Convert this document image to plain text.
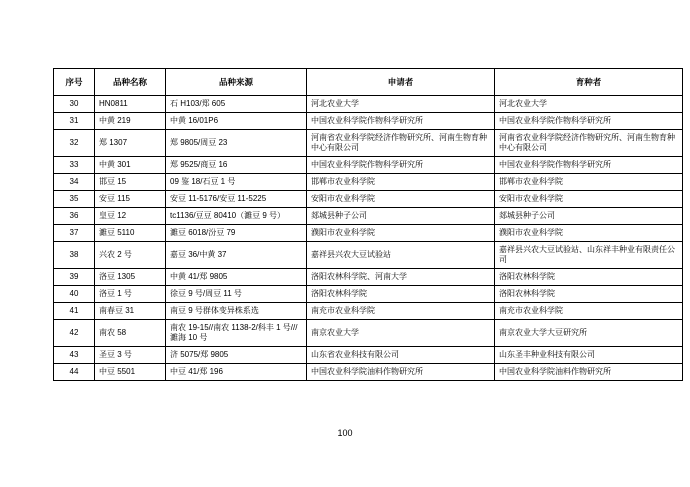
序号	品种名称	品种来源	申请者	育种者
30	HN0811	石 H103/郑 605	河北农业大学	河北农业大学
31	中黄 219	中黄 16/01P6	中国农业科学院作物科学研究所	中国农业科学院作物科学研究所
32	郑 1307	郑 9805/周豆 23	河南省农业科学院经济作物研究所、河南生物育种中心有限公司	河南省农业科学院经济作物研究所、河南生物育种中心有限公司
33	中黄 301	郑 9525/商豆 16	中国农业科学院作物科学研究所	中国农业科学院作物科学研究所
34	邯豆 15	09 鉴 18/石豆 1 号	邯郸市农业科学院	邯郸市农业科学院
35	安豆 115	安豆 11-5176/安豆 11-5225	安阳市农业科学院	安阳市农业科学院
36	皇豆 12	tc1136/豆豆 80410（濉豆 9 号）	郯城县种子公司	郯城县种子公司
37	濉豆 5110	濉豆 6018/汾豆 79	濮阳市农业科学院	濮阳市农业科学院
38	兴农 2 号	嘉豆 36/中黄 37	嘉祥县兴农大豆试验站	嘉祥县兴农大豆试验站、山东祥丰种业有限责任公司
39	洛豆 1305	中黄 41/郑 9805	洛阳农林科学院、河南大学	洛阳农林科学院
40	洛豆 1 号	徐豆 9 号/周豆 11 号	洛阳农林科学院	洛阳农林科学院
41	南春豆 31	南豆 9 号群体变异株系选	南充市农业科学院	南充市农业科学院
42	南农 58	南农 19-15//南农 1138-2/科丰 1 号///濉海 10 号	南京农业大学	南京农业大学大豆研究所
43	圣豆 3 号	济 5075/郑 9805	山东省农业科技有限公司	山东圣丰种业科技有限公司
44	中豆 5501	中豆 41/郑 196	中国农业科学院油料作物研究所	中国农业科学院油料作物研究所
100
